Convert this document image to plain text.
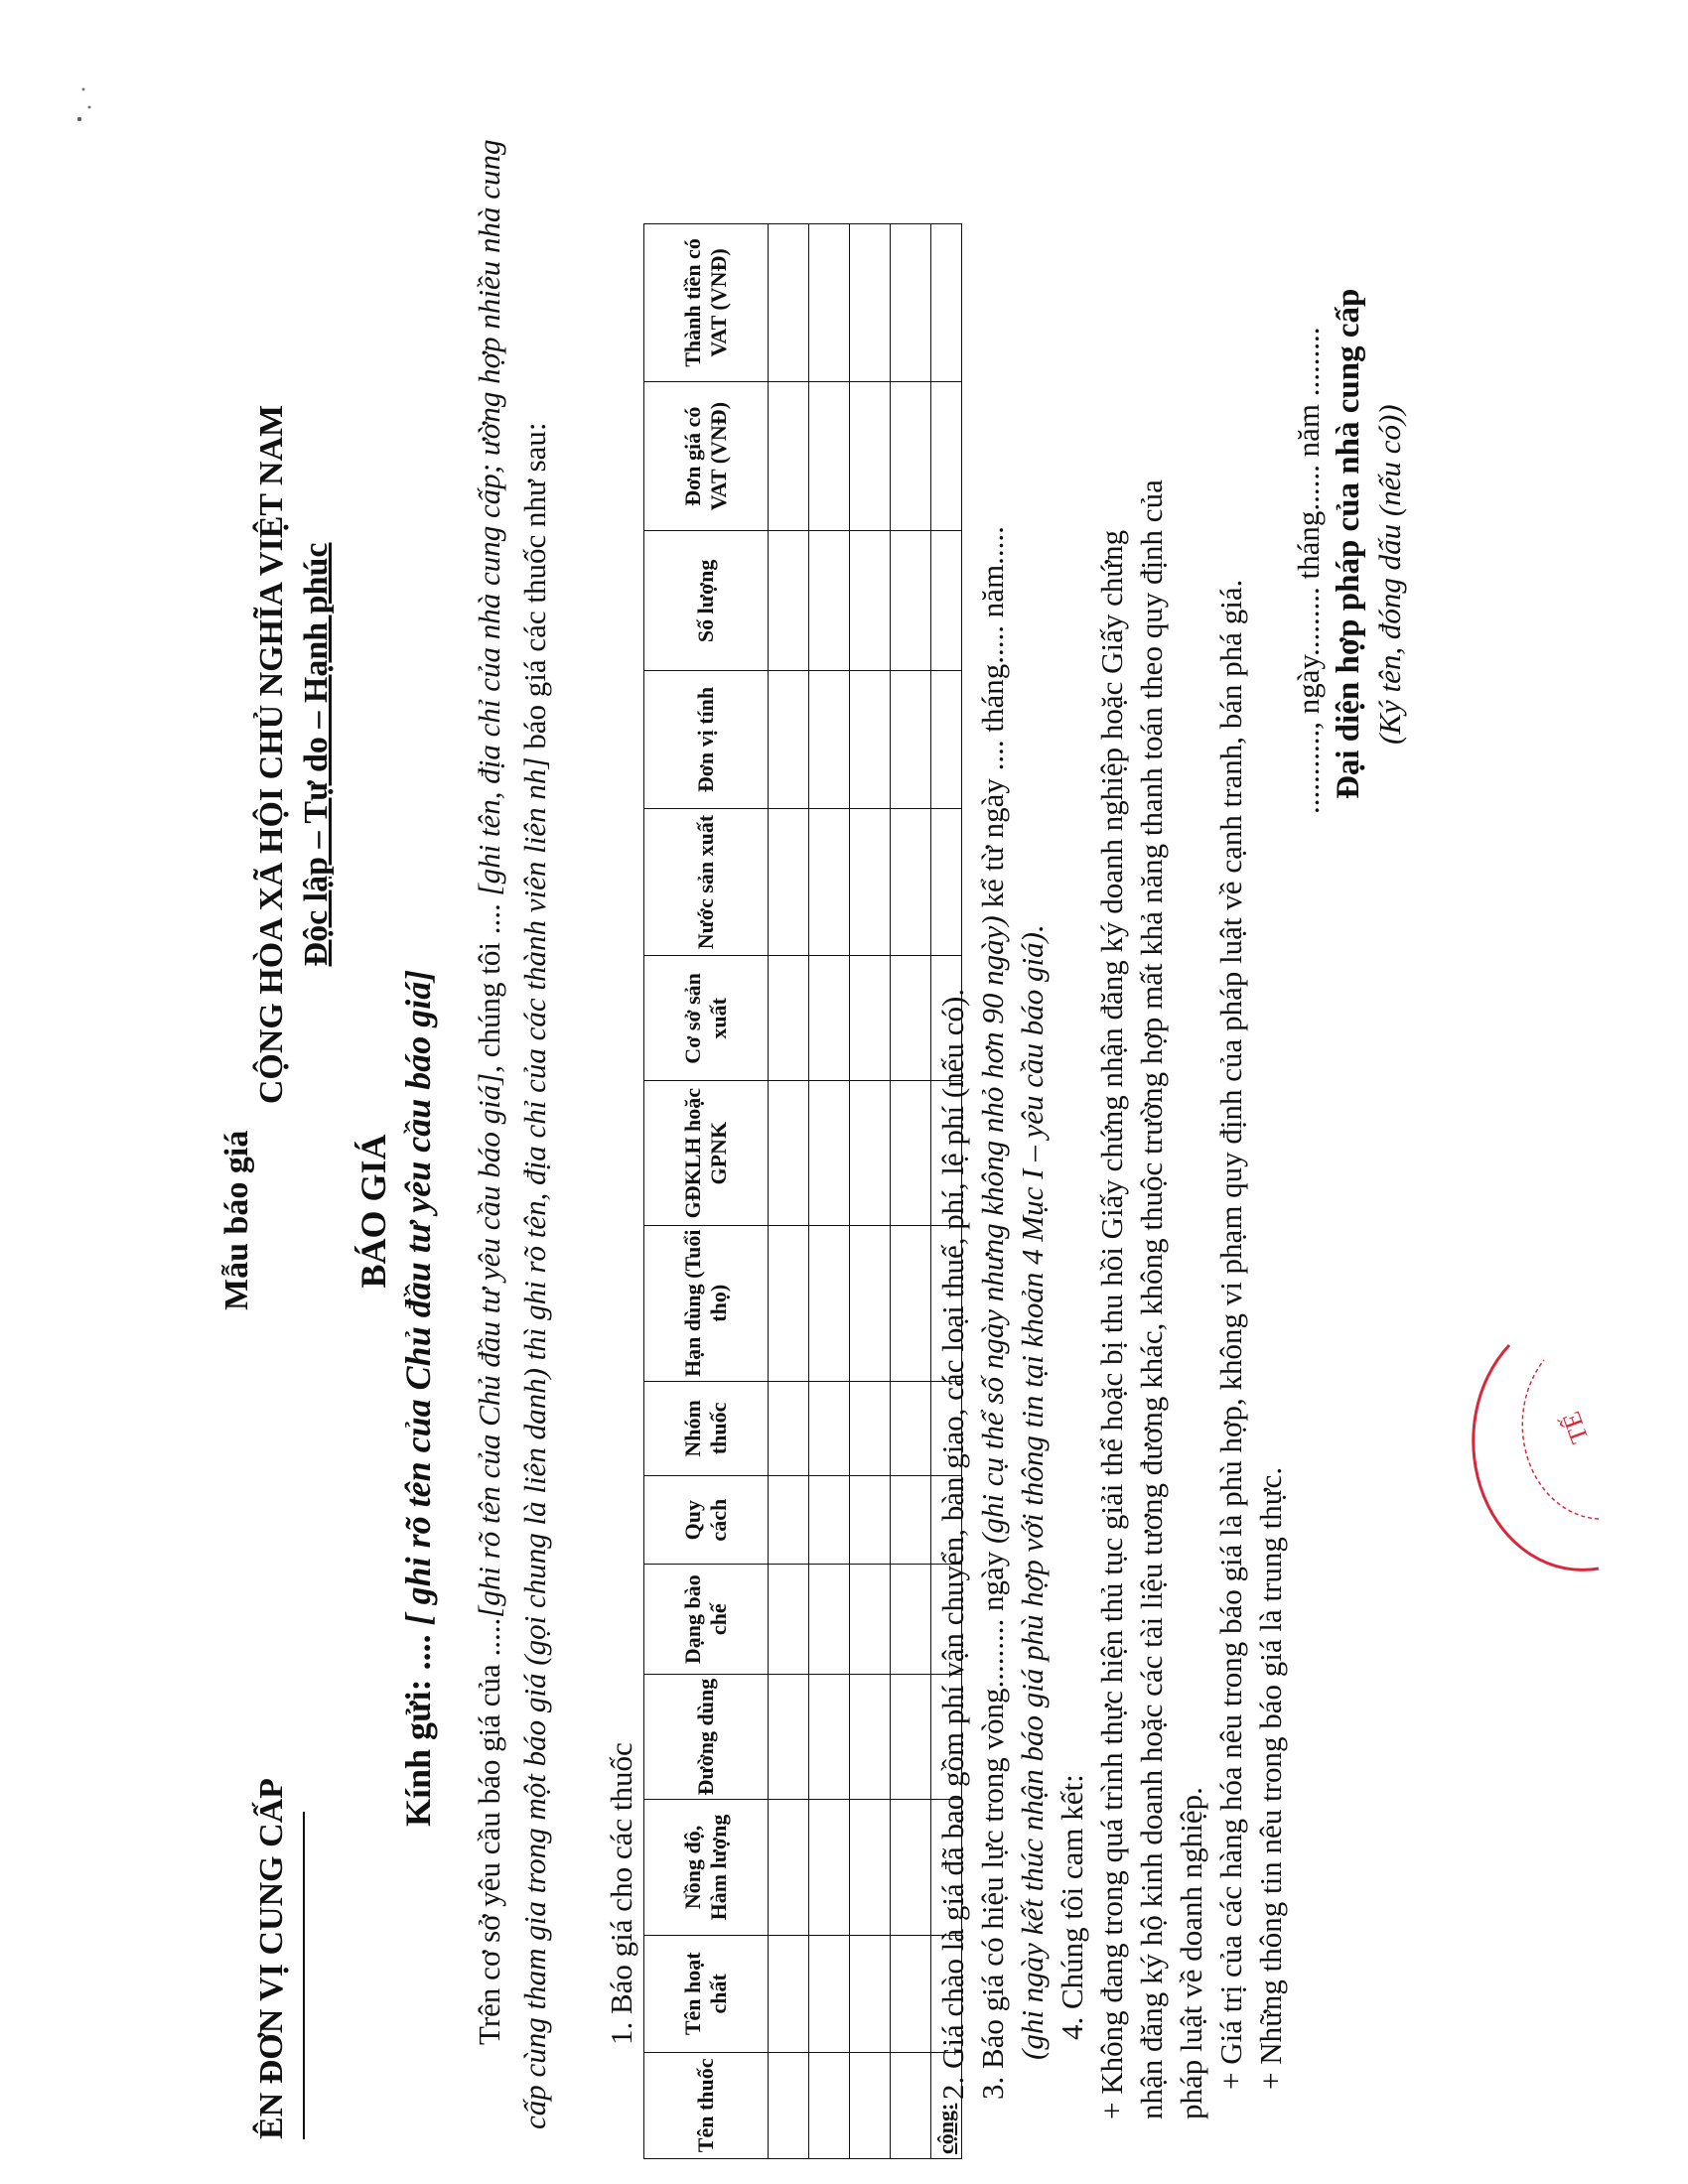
Mẫu báo giá
ÊN ĐƠN VỊ CUNG CẤP
CỘNG HÒA XÃ HỘI CHỦ NGHĨA VIỆT NAM Độc lập – Tự do – Hạnh phúc
BÁO GIÁ
Kính gửi: .... [ ghi rõ tên của Chủ đầu tư yêu cầu báo giá]
Trên cơ sở yêu cầu báo giá của .....[ghi rõ tên của Chủ đầu tư yêu cầu báo giá], chúng tôi .... [ghi tên, địa chỉ của nhà cung cấp; ường hợp nhiều nhà cung cấp cùng tham gia trong một báo giá (gọi chung là liên danh) thì ghi rõ tên, địa chỉ của các thành viên liên nh] báo giá các thuốc như sau:
1. Báo giá cho các thuốc
Tên thuốc	Tên hoạt chất	Nồng độ, Hàm lượng	Đường dùng	Dạng bào chế	Quy cách	Nhóm thuốc	Hạn dùng (Tuổi thọ)	GĐKLH hoặc GPNK	Cơ sở sản xuất	Nước sản xuất	Đơn vị tính	Số lượng	Đơn giá có VAT (VNĐ)	Thành tiền có VAT (VNĐ)

cộng:														

2. Giá chào là giá đã bao gồm phí vận chuyển, bàn giao, các loại thuế, phí, lệ phí (nếu có). 3. Báo giá có hiệu lực trong vòng......... ngày (ghi cụ thể số ngày nhưng không nhỏ hơn 90 ngày) kể từ ngày .... tháng..... năm.....

(ghi ngày kết thúc nhận báo giá phù hợp với thông tin tại khoản 4 Mục I – yêu cầu báo giá). 4. Chúng tôi cam kết: + Không đang trong quá trình thực hiện thủ tục giải thể hoặc bị thu hồi Giấy chứng nhận đăng ký doanh nghiệp hoặc Giấy chứng nhận đăng ký hộ kinh doanh hoặc các tài liệu tương đương khác, không thuộc trường hợp mất khả năng thanh toán theo quy định của pháp luật về doanh nghiệp. + Giá trị của các hàng hóa nêu trong báo giá là phù hợp, không vi phạm quy định của pháp luật về cạnh tranh, bán phá giá. + Những thông tin nêu trong báo giá là trung thực.

..........., ngày......... tháng...... năm ......... Đại diện hợp pháp của nhà cung cấp (Ký tên, đóng dấu (nếu có))
TẾ
